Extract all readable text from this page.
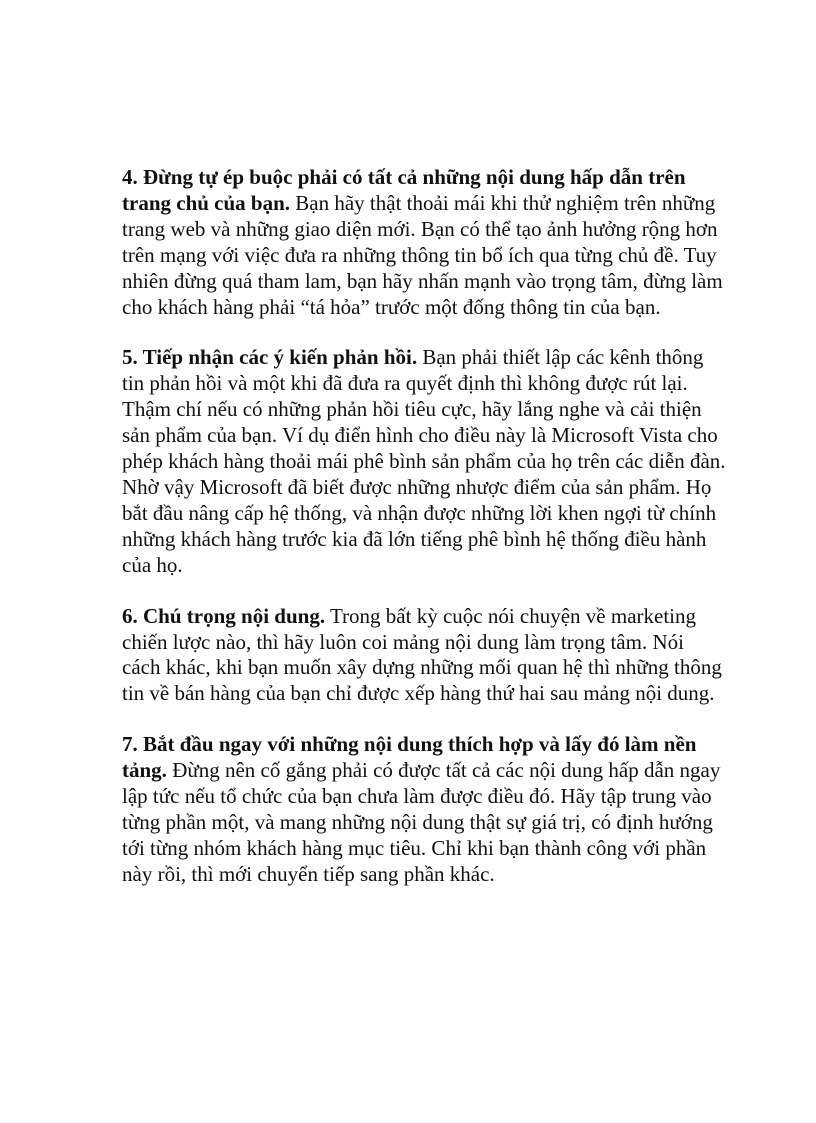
4. Đừng tự ép buộc phải có tất cả những nội dung hấp dẫn trên trang chủ của bạn. Bạn hãy thật thoải mái khi thử nghiệm trên những trang web và những giao diện mới. Bạn có thể tạo ảnh hưởng rộng hơn trên mạng với việc đưa ra những thông tin bổ ích qua từng chủ đề. Tuy nhiên đừng quá tham lam, bạn hãy nhấn mạnh vào trọng tâm, đừng làm cho khách hàng phải “tá hỏa” trước một đống thông tin của bạn.

5. Tiếp nhận các ý kiến phản hồi. Bạn phải thiết lập các kênh thông tin phản hồi và một khi đã đưa ra quyết định thì không được rút lại. Thậm chí nếu có những phản hồi tiêu cực, hãy lắng nghe và cải thiện sản phẩm của bạn. Ví dụ điển hình cho điều này là Microsoft Vista cho phép khách hàng thoải mái phê bình sản phẩm của họ trên các diễn đàn. Nhờ vậy Microsoft đã biết được những nhược điểm của sản phẩm. Họ bắt đầu nâng cấp hệ thống, và nhận được những lời khen ngợi từ chính những khách hàng trước kia đã lớn tiếng phê bình hệ thống điều hành của họ.

6. Chú trọng nội dung. Trong bất kỳ cuộc nói chuyện về marketing chiến lược nào, thì hãy luôn coi mảng nội dung làm trọng tâm. Nói cách khác, khi bạn muốn xây dựng những mối quan hệ thì những thông tin về bán hàng của bạn chỉ được xếp hàng thứ hai sau mảng nội dung.

7. Bắt đầu ngay với những nội dung thích hợp và lấy đó làm nền tảng. Đừng nên cố gắng phải có được tất cả các nội dung hấp dẫn ngay lập tức nếu tổ chức của bạn chưa làm được điều đó. Hãy tập trung vào từng phần một, và mang những nội dung thật sự giá trị, có định hướng tới từng nhóm khách hàng mục tiêu. Chỉ khi bạn thành công với phần này rồi, thì mới chuyển tiếp sang phần khác.
